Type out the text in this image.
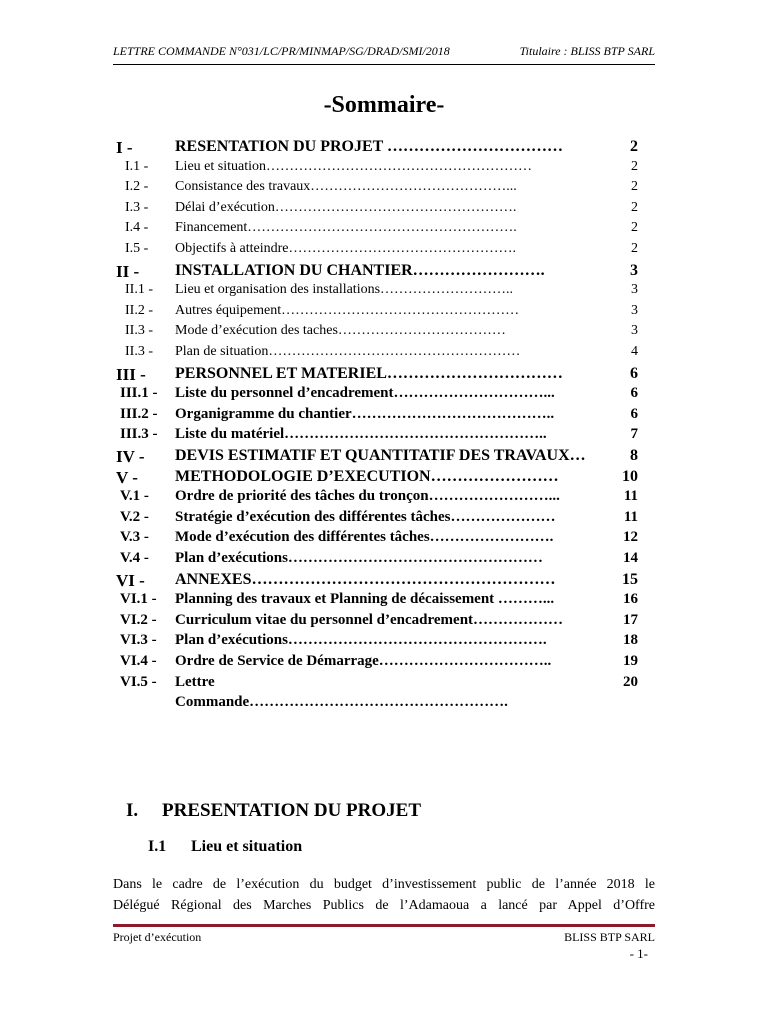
LETTRE COMMANDE N°031/LC/PR/MINMAP/SG/DRAD/SMI/2018	Titulaire : BLISS BTP SARL
-Sommaire-
I -	RESENTATION DU PROJET ……………………………	2
I.1 - Lieu et situation…………………………………………………	2
I.2 - Consistance des travaux……………………………………...	2
I.3 - Délai d’exécution…………………………………………….	2
I.4 - Financement………………………………………………….	2
I.5 - Objectifs à atteindre………………………………………….	2
II - INSTALLATION DU CHANTIER…………………….	3
II.1 - Lieu et organisation des installations………………………..	3
II.2 - Autres équipement……………………………………………	3
II.3 - Mode d’exécution des taches………………………………	3
II.3 - Plan de situation………………………………………………	4
III - PERSONNEL ET MATERIEL……………………………	6
III.1 - Liste du personnel d’encadrement…………………………...	6
III.2 - Organigramme du chantier…………………………………..	6
III.3 - Liste du matériel……………………………………………..	7
IV - DEVIS ESTIMATIF ET QUANTITATIF DES TRAVAUX…	8
V - METHODOLOGIE D’EXECUTION……………………	10
V.1 - Ordre de priorité des tâches du tronçon……………………...	11
V.2 - Stratégie d’exécution des différentes tâches…………………	11
V.3 - Mode d’exécution des différentes tâches…………………….	12
V.4 - Plan d’exécutions……………………………………………	14
VI - ANNEXES…………………………………………………	15
VI.1 - Planning des travaux et Planning de décaissement ………...	16
VI.2 - Curriculum vitae du personnel d’encadrement………………	17
VI.3 - Plan d’exécutions…………………………………………….	18
VI.4 - Ordre de Service de Démarrage……………………………..	19
VI.5 - Lettre	20
Commande…………………………………………….
I. PRESENTATION DU PROJET
I.1 Lieu et situation
Dans le cadre de l’exécution du budget d’investissement public de l’année 2018 le
Délégué Régional des Marches Publics de l’Adamaoua a lancé par Appel d’Offre
Projet d’exécution	BLISS BTP SARL
- 1-
